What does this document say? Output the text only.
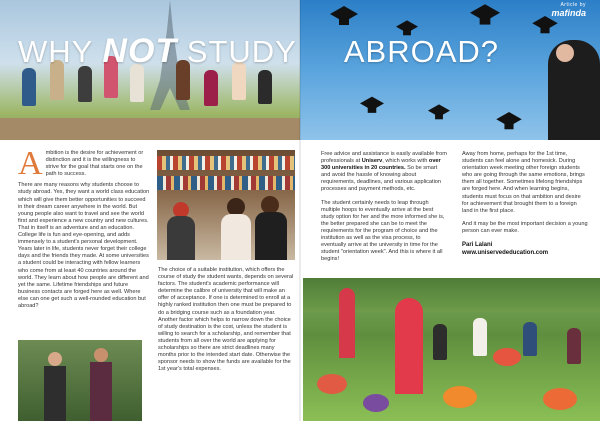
WHY NOT STUDY ABROAD?
Article by
mafinda
A mbition is the desire for achievement or distinction and it is the willingness to strive for the goal that starts one on the path to success.

There are many reasons why students choose to study abroad. Yes, they want a world class education which will give them better opportunities to succeed in their dream career anywhere in the world. But young people also want to travel and see the world first and experience a new country and new cultures. That in itself is an adventure and an education. College life is fun and eye-opening, and adds immensely to a student's personal development. Years later in life, students never forget their college days and the friends they made. At some universities a student could be interacting with fellow learners who come from at least 40 countries around the world. They learn about how people are different and yet the same. Lifetime friendships and future business contacts are forged here as well. Where else can one get such a well-rounded education but abroad?

The choice of a suitable institution, which offers the course of study the student wants, depends on several factors. The student's academic performance will determine the calibre of university that will make an offer of acceptance. If one is determined to enroll at a highly ranked institution then one must be prepared to do a bridging course such as a foundation year. Another factor which helps to narrow down the choice of study destination is the cost, unless the student is willing to search for a scholarship, and remember that students from all over the world are applying for scholarships so there are strict deadlines many months prior to the intended start date. Otherwise the sponsor needs to show the funds are available for the 1st year's total expenses.

Free advice and assistance is easily available from professionals at Uniserv, which works with over 300 universities in 20 countries. So be smart and avoid the hassle of knowing about requirements, deadlines, and various application processes and payment methods, etc.

The student certainly needs to leap through multiple hoops to eventually arrive at the best study option for her and the more informed she is, the better prepared she can be to meet the requirements for the program of choice and the institution as well as the visa process, to eventually arrive at the university in time for the student "orientation week". And this is where it all begins!

Away from home, perhaps for the 1st time, students can feel alone and homesick. During orientation week meeting other foreign students who are going through the same emotions, brings them all together. Sometimes lifelong friendships are forged here. And when learning begins, students must focus on that ambition and desire for achievement that brought them to a foreign land in the first place.

And it may be the most important decision a young person can ever make.

Pari Lalani
www.uniservededucation.com
